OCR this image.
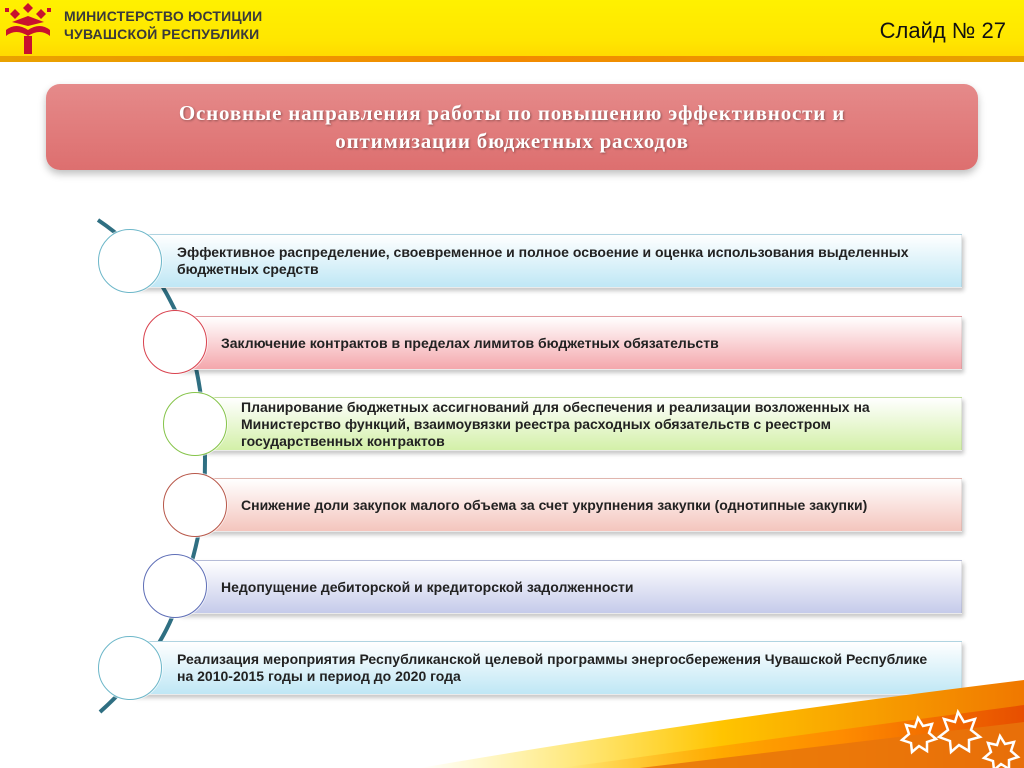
МИНИСТЕРСТВО ЮСТИЦИИ
ЧУВАШСКОЙ РЕСПУБЛИКИ	Слайд № 27
Основные направления работы по повышению эффективности и
оптимизации бюджетных расходов
Эффективное распределение, своевременное и полное освоение и оценка использования выделенных бюджетных средств
Заключение контрактов в пределах лимитов бюджетных обязательств
Планирование бюджетных ассигнований для обеспечения и реализации возложенных на Министерство функций, взаимоувязки реестра расходных обязательств с реестром государственных контрактов
Снижение доли закупок малого объема за счет укрупнения закупки (однотипные закупки)
Недопущение дебиторской и кредиторской задолженности
Реализация мероприятия Республиканской целевой программы энергосбережения Чувашской Республике на 2010-2015 годы и период до 2020 года
